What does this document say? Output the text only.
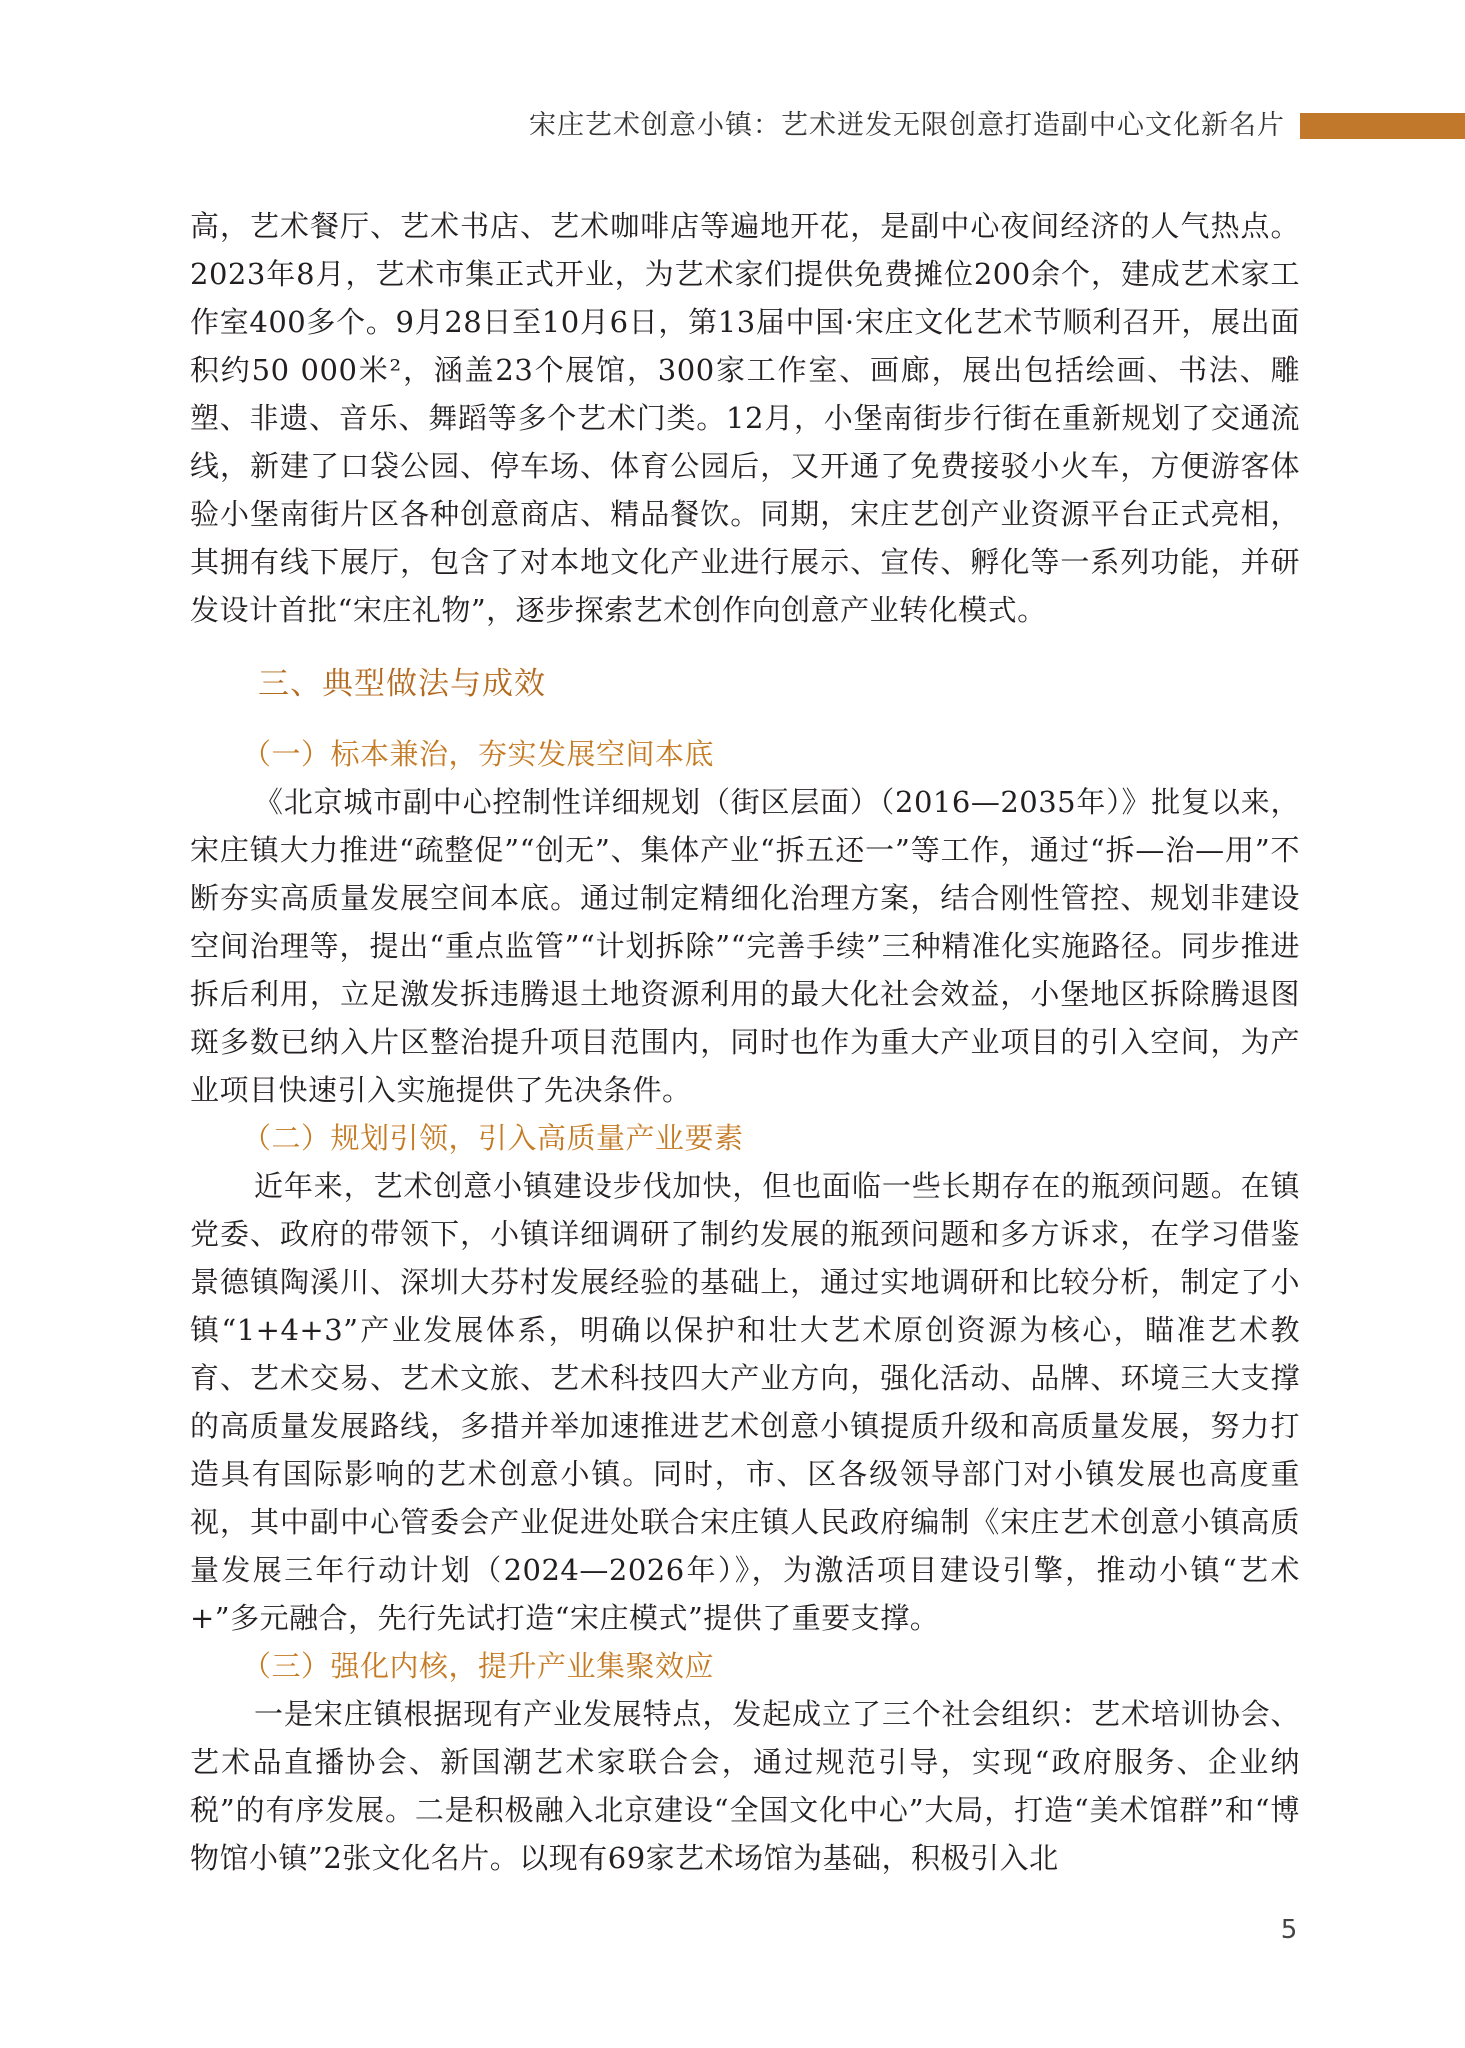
宋庄艺术创意小镇：艺术迸发无限创意打造副中心文化新名片

高，艺术餐厅、艺术书店、艺术咖啡店等遍地开花，是副中心夜间经济的人气热点。2023年8月，艺术市集正式开业，为艺术家们提供免费摊位200余个，建成艺术家工作室400多个。9月28日至10月6日，第13届中国·宋庄文化艺术节顺利召开，展出面积约50 000米²，涵盖23个展馆，300家工作室、画廊，展出包括绘画、书法、雕塑、非遗、音乐、舞蹈等多个艺术门类。12月，小堡南街步行街在重新规划了交通流线，新建了口袋公园、停车场、体育公园后，又开通了免费接驳小火车，方便游客体验小堡南街片区各种创意商店、精品餐饮。同期，宋庄艺创产业资源平台正式亮相，其拥有线下展厅，包含了对本地文化产业进行展示、宣传、孵化等一系列功能，并研发设计首批“宋庄礼物”，逐步探索艺术创作向创意产业转化模式。

三、典型做法与成效
（一）标本兼治，夯实发展空间本底

《北京城市副中心控制性详细规划（街区层面）（2016—2035年）》批复以来，宋庄镇大力推进“疏整促”“创无”、集体产业“拆五还一”等工作，通过“拆—治—用”不断夯实高质量发展空间本底。通过制定精细化治理方案，结合刚性管控、规划非建设空间治理等，提出“重点监管”“计划拆除”“完善手续”三种精准化实施路径。同步推进拆后利用，立足激发拆违腾退土地资源利用的最大化社会效益，小堡地区拆除腾退图斑多数已纳入片区整治提升项目范围内，同时也作为重大产业项目的引入空间，为产业项目快速引入实施提供了先决条件。

（二）规划引领，引入高质量产业要素

近年来，艺术创意小镇建设步伐加快，但也面临一些长期存在的瓶颈问题。在镇党委、政府的带领下，小镇详细调研了制约发展的瓶颈问题和多方诉求，在学习借鉴景德镇陶溪川、深圳大芬村发展经验的基础上，通过实地调研和比较分析，制定了小镇“1+4+3”产业发展体系，明确以保护和壮大艺术原创资源为核心，瞄准艺术教育、艺术交易、艺术文旅、艺术科技四大产业方向，强化活动、品牌、环境三大支撑的高质量发展路线，多措并举加速推进艺术创意小镇提质升级和高质量发展，努力打造具有国际影响的艺术创意小镇。同时，市、区各级领导部门对小镇发展也高度重视，其中副中心管委会产业促进处联合宋庄镇人民政府编制《宋庄艺术创意小镇高质量发展三年行动计划（2024—2026年）》，为激活项目建设引擎，推动小镇“艺术+”多元融合，先行先试打造“宋庄模式”提供了重要支撑。

（三）强化内核，提升产业集聚效应

一是宋庄镇根据现有产业发展特点，发起成立了三个社会组织：艺术培训协会、艺术品直播协会、新国潮艺术家联合会，通过规范引导，实现“政府服务、企业纳税”的有序发展。二是积极融入北京建设“全国文化中心”大局，打造“美术馆群”和“博物馆小镇”2张文化名片。以现有69家艺术场馆为基础，积极引入北

5
